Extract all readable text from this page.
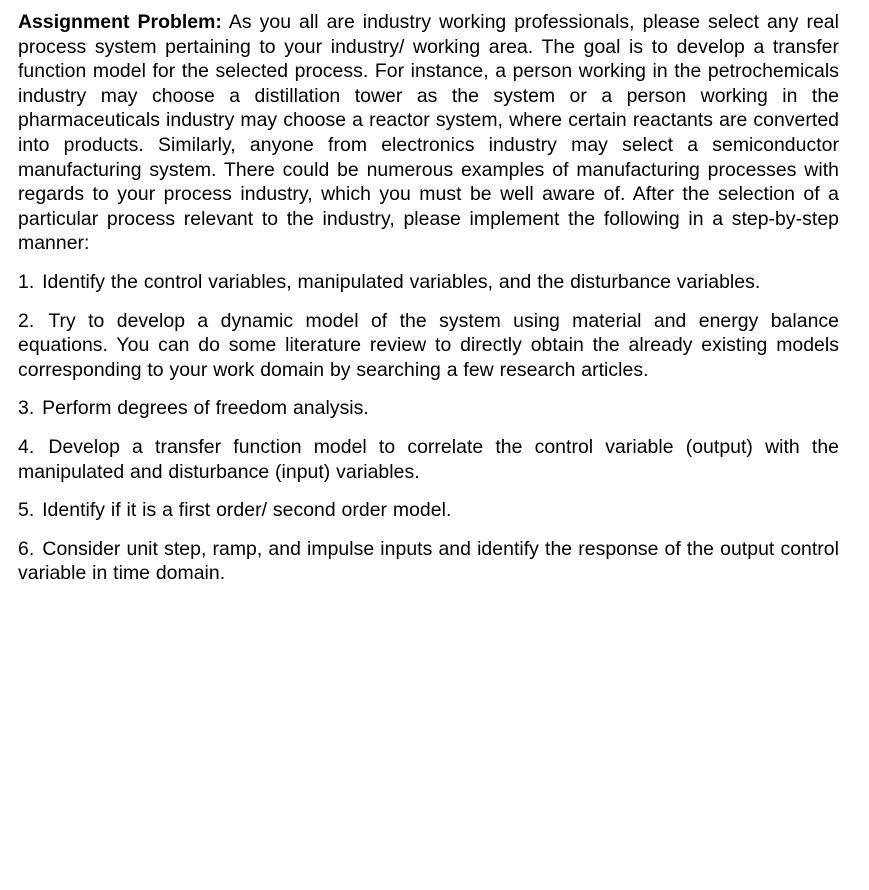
Assignment Problem: As you all are industry working professionals, please select any real process system pertaining to your industry/ working area. The goal is to develop a transfer function model for the selected process. For instance, a person working in the petrochemicals industry may choose a distillation tower as the system or a person working in the pharmaceuticals industry may choose a reactor system, where certain reactants are converted into products. Similarly, anyone from electronics industry may select a semiconductor manufacturing system. There could be numerous examples of manufacturing processes with regards to your process industry, which you must be well aware of. After the selection of a particular process relevant to the industry, please implement the following in a step-by-step manner:

1. Identify the control variables, manipulated variables, and the disturbance variables.

2. Try to develop a dynamic model of the system using material and energy balance equations. You can do some literature review to directly obtain the already existing models corresponding to your work domain by searching a few research articles.

3. Perform degrees of freedom analysis.

4. Develop a transfer function model to correlate the control variable (output) with the manipulated and disturbance (input) variables.

5. Identify if it is a first order/ second order model.

6. Consider unit step, ramp, and impulse inputs and identify the response of the output control variable in time domain.
